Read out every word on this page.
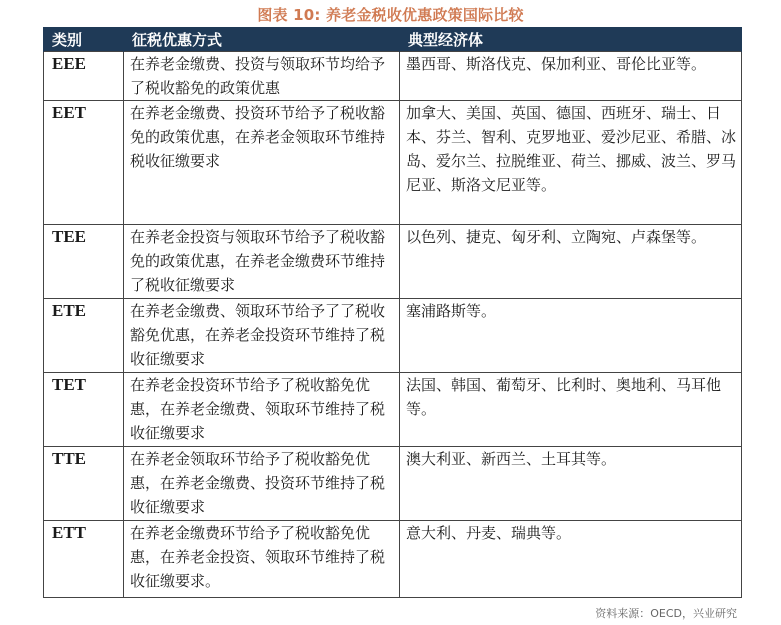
图表 10: 养老金税收优惠政策国际比较
类别	征税优惠方式	典型经济体
EEE	在养老金缴费、投资与领取环节均给予了税收豁免的政策优惠	墨西哥、斯洛伐克、保加利亚、哥伦比亚等。
EET	在养老金缴费、投资环节给予了税收豁免的政策优惠，在养老金领取环节维持税收征缴要求	加拿大、美国、英国、德国、西班牙、瑞士、日本、芬兰、智利、克罗地亚、爱沙尼亚、希腊、冰岛、爱尔兰、拉脱维亚、荷兰、挪威、波兰、罗马尼亚、斯洛文尼亚等。
TEE	在养老金投资与领取环节给予了税收豁免的政策优惠，在养老金缴费环节维持了税收征缴要求	以色列、捷克、匈牙利、立陶宛、卢森堡等。
ETE	在养老金缴费、领取环节给予了了税收豁免优惠，在养老金投资环节维持了税收征缴要求	塞浦路斯等。
TET	在养老金投资环节给予了税收豁免优惠，在养老金缴费、领取环节维持了税收征缴要求	法国、韩国、葡萄牙、比利时、奥地利、马耳他等。
TTE	在养老金领取环节给予了税收豁免优惠，在养老金缴费、投资环节维持了税收征缴要求	澳大利亚、新西兰、土耳其等。
ETT	在养老金缴费环节给予了税收豁免优惠，在养老金投资、领取环节维持了税收征缴要求。	意大利、丹麦、瑞典等。
资料来源：OECD，兴业研究
